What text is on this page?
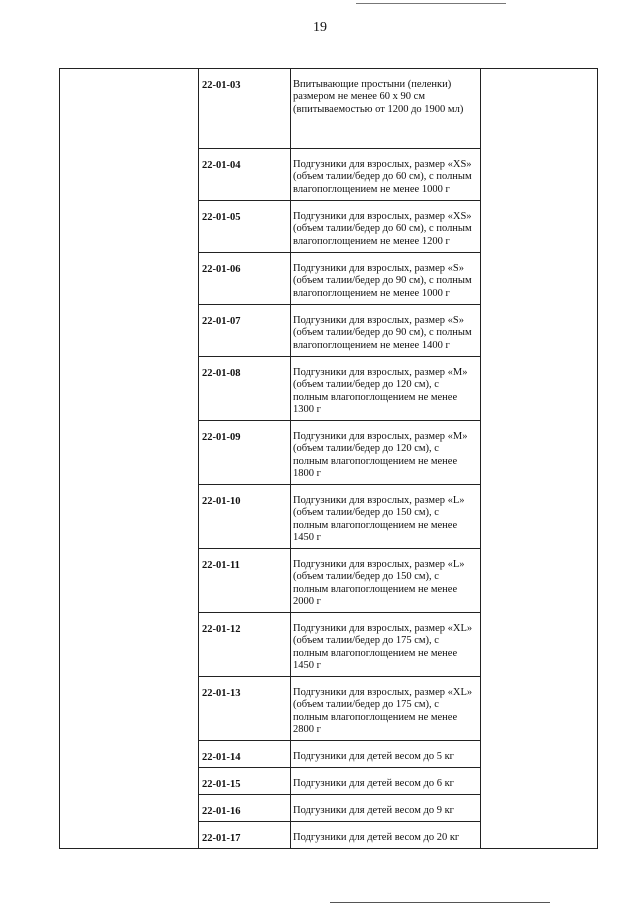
19
	22-01-03	Впитывающие простыни (пеленки) размером не менее 60 х 90 см (впитываемостью от 1200 до 1900 мл)	
	22-01-04	Подгузники для взрослых, размер «XS» (объем талии/бедер до 60 см), с полным влагопоглощением не менее 1000 г	
	22-01-05	Подгузники для взрослых, размер «XS» (объем талии/бедер до 60 см), с полным влагопоглощением не менее 1200 г	
	22-01-06	Подгузники для взрослых, размер «S» (объем талии/бедер до 90 см), с полным влагопоглощением не менее 1000 г	
	22-01-07	Подгузники для взрослых, размер «S» (объем талии/бедер до 90 см), с полным влагопоглощением не менее 1400 г	
	22-01-08	Подгузники для взрослых, размер «M» (объем талии/бедер до 120 см), с полным влагопоглощением не менее 1300 г	
	22-01-09	Подгузники для взрослых, размер «M» (объем талии/бедер до 120 см), с полным влагопоглощением не менее 1800 г	
	22-01-10	Подгузники для взрослых, размер «L» (объем талии/бедер до 150 см), с полным влагопоглощением не менее 1450 г	
	22-01-11	Подгузники для взрослых, размер «L» (объем талии/бедер до 150 см), с полным влагопоглощением не менее 2000 г	
	22-01-12	Подгузники для взрослых, размер «XL» (объем талии/бедер до 175 см), с полным влагопоглощением не менее 1450 г	
	22-01-13	Подгузники для взрослых, размер «XL» (объем талии/бедер до 175 см), с полным влагопоглощением не менее 2800 г	
	22-01-14	Подгузники для детей весом до 5 кг	
	22-01-15	Подгузники для детей весом до 6 кг	
	22-01-16	Подгузники для детей весом до 9 кг	
	22-01-17	Подгузники для детей весом до 20 кг	
